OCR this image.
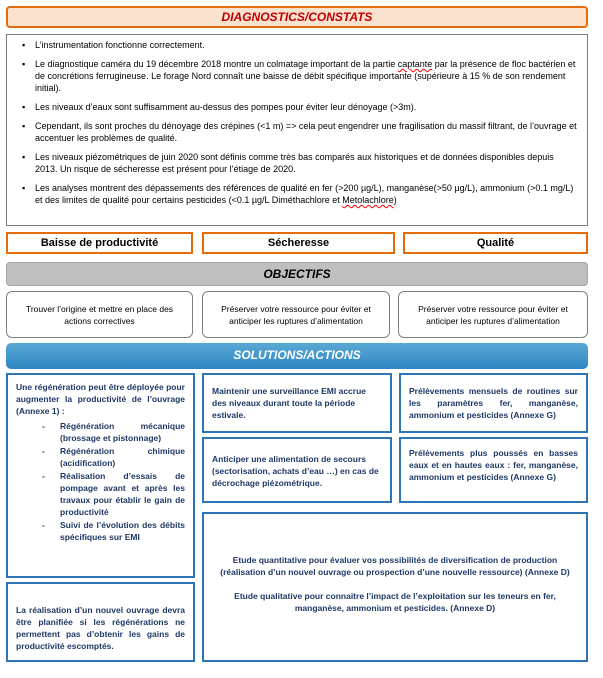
DIAGNOSTICS/CONSTATS
▪ L’instrumentation fonctionne correctement.
▪ Le diagnostique caméra du 19 décembre 2018 montre un colmatage important de la partie captante par la présence de floc bactérien et de concrétions ferrugineuse. Le forage Nord connaît une baisse de débit spécifique importante (supérieure à 15 % de son rendement initial).
▪ Les niveaux d’eaux sont suffisamment au-dessus des pompes pour éviter leur dénoyage (>3m).
▪ Cependant, ils sont proches du dénoyage des crépines (<1 m) => cela peut engendrer une fragilisation du massif filtrant, de l’ouvrage et accentuer les problèmes de qualité.
▪ Les niveaux piézométriques de juin 2020 sont définis comme très bas comparés aux historiques et de données disponibles depuis 2013. Un risque de sécheresse est présent pour l’étiage de 2020.
▪ Les analyses montrent des dépassements des références de qualité en fer (>200 µg/L), manganèse(>50 µg/L), ammonium (>0.1 mg/L) et des limites de qualité pour certains pesticides (<0.1 µg/L Diméthachlore et Metolachlore)
Baisse de productivité	Sécheresse	Qualité
OBJECTIFS
Trouver l’origine et mettre en place des actions correctives
Préserver votre ressource pour éviter et anticiper les ruptures d’alimentation
Préserver votre ressource pour éviter et anticiper les ruptures d’alimentation
SOLUTIONS/ACTIONS

Une régénération peut être déployée pour augmenter la productivité de l’ouvrage (Annexe 1) :

- Régénération mécanique (brossage et pistonnage)
- Régénération chimique (acidification)
- Réalisation d’essais de pompage avant et après les travaux pour établir le gain de productivité
- Suivi de l’évolution des débits spécifiques sur EMI

La réalisation d’un nouvel ouvrage devra être planifiée si les régénérations ne permettent pas d’obtenir les gains de productivité escomptés.

Maintenir une surveillance EMI accrue des niveaux durant toute la période estivale.

Anticiper une alimentation de secours (sectorisation, achats d’eau …) en cas de décrochage piézométrique.

Prélèvements mensuels de routines sur les paramètres fer, manganèse, ammonium et pesticides (Annexe G)

Prélèvements plus poussés en basses eaux et en hautes eaux : fer, manganèse, ammonium et pesticides (Annexe G)

Etude quantitative pour évaluer vos possibilités de diversification de production (réalisation d’un nouvel ouvrage ou prospection d’une nouvelle ressource) (Annexe D)

Etude qualitative pour connaitre l’impact de l’exploitation sur les teneurs en fer, manganèse, ammonium et pesticides. (Annexe D)
